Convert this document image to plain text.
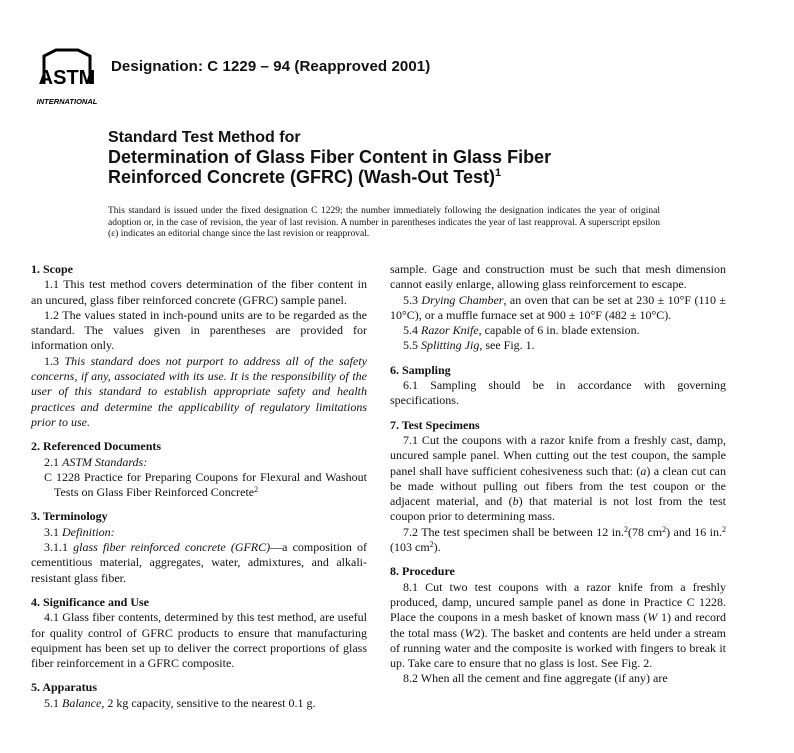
ASTM
INTERNATIONAL
Designation: C 1229 – 94 (Reapproved 2001)
Standard Test Method for
Determination of Glass Fiber Content in Glass Fiber
Reinforced Concrete (GFRC) (Wash-Out Test)$^1$
This standard is issued under the fixed designation C 1229; the number immediately following the designation indicates the year of original adoption or, in the case of revision, the year of last revision. A number in parentheses indicates the year of last reapproval. A superscript epsilon (ε) indicates an editorial change since the last revision or reapproval.
1. Scope

1.1 This test method covers determination of the fiber content in an uncured, glass fiber reinforced concrete (GFRC) sample panel.

1.2 The values stated in inch-pound units are to be regarded as the standard. The values given in parentheses are provided for information only.

1.3 This standard does not purport to address all of the safety concerns, if any, associated with its use. It is the responsibility of the user of this standard to establish appropriate safety and health practices and determine the applicability of regulatory limitations prior to use.

2. Referenced Documents

2.1 ASTM Standards:

C 1228 Practice for Preparing Coupons for Flexural and Washout Tests on Glass Fiber Reinforced Concrete$^2$

3. Terminology

3.1 Definition:

3.1.1 glass fiber reinforced concrete (GFRC)—a composition of cementitious material, aggregates, water, admixtures, and alkali-resistant glass fiber.

4. Significance and Use

4.1 Glass fiber contents, determined by this test method, are useful for quality control of GFRC products to ensure that manufacturing equipment has been set up to deliver the correct proportions of glass fiber reinforcement in a GFRC composite.

5. Apparatus

5.1 Balance, 2 kg capacity, sensitive to the nearest 0.1 g.

sample. Gage and construction must be such that mesh dimension cannot easily enlarge, allowing glass reinforcement to escape.

5.3 Drying Chamber, an oven that can be set at 230 ± 10°F (110 ± 10°C), or a muffle furnace set at 900 ± 10°F (482 ± 10°C).

5.4 Razor Knife, capable of 6 in. blade extension.

5.5 Splitting Jig, see Fig. 1.

6. Sampling

6.1 Sampling should be in accordance with governing specifications.

7. Test Specimens

7.1 Cut the coupons with a razor knife from a freshly cast, damp, uncured sample panel. When cutting out the test coupon, the sample panel shall have sufficient cohesiveness such that: (a) a clean cut can be made without pulling out fibers from the test coupon or the adjacent material, and (b) that material is not lost from the test coupon prior to determining mass.

7.2 The test specimen shall be between 12 in.$^2$(78 $cm^2$) and 16 in.$^2$ (103 $cm^2$).

8. Procedure

8.1 Cut two test coupons with a razor knife from a freshly produced, damp, uncured sample panel as done in Practice C 1228. Place the coupons in a mesh basket of known mass (W 1) and record the total mass (W2). The basket and contents are held under a stream of running water and the composite is worked with fingers to break it up. Take care to ensure that no glass is lost. See Fig. 2.

8.2 When all the cement and fine aggregate (if any) are
